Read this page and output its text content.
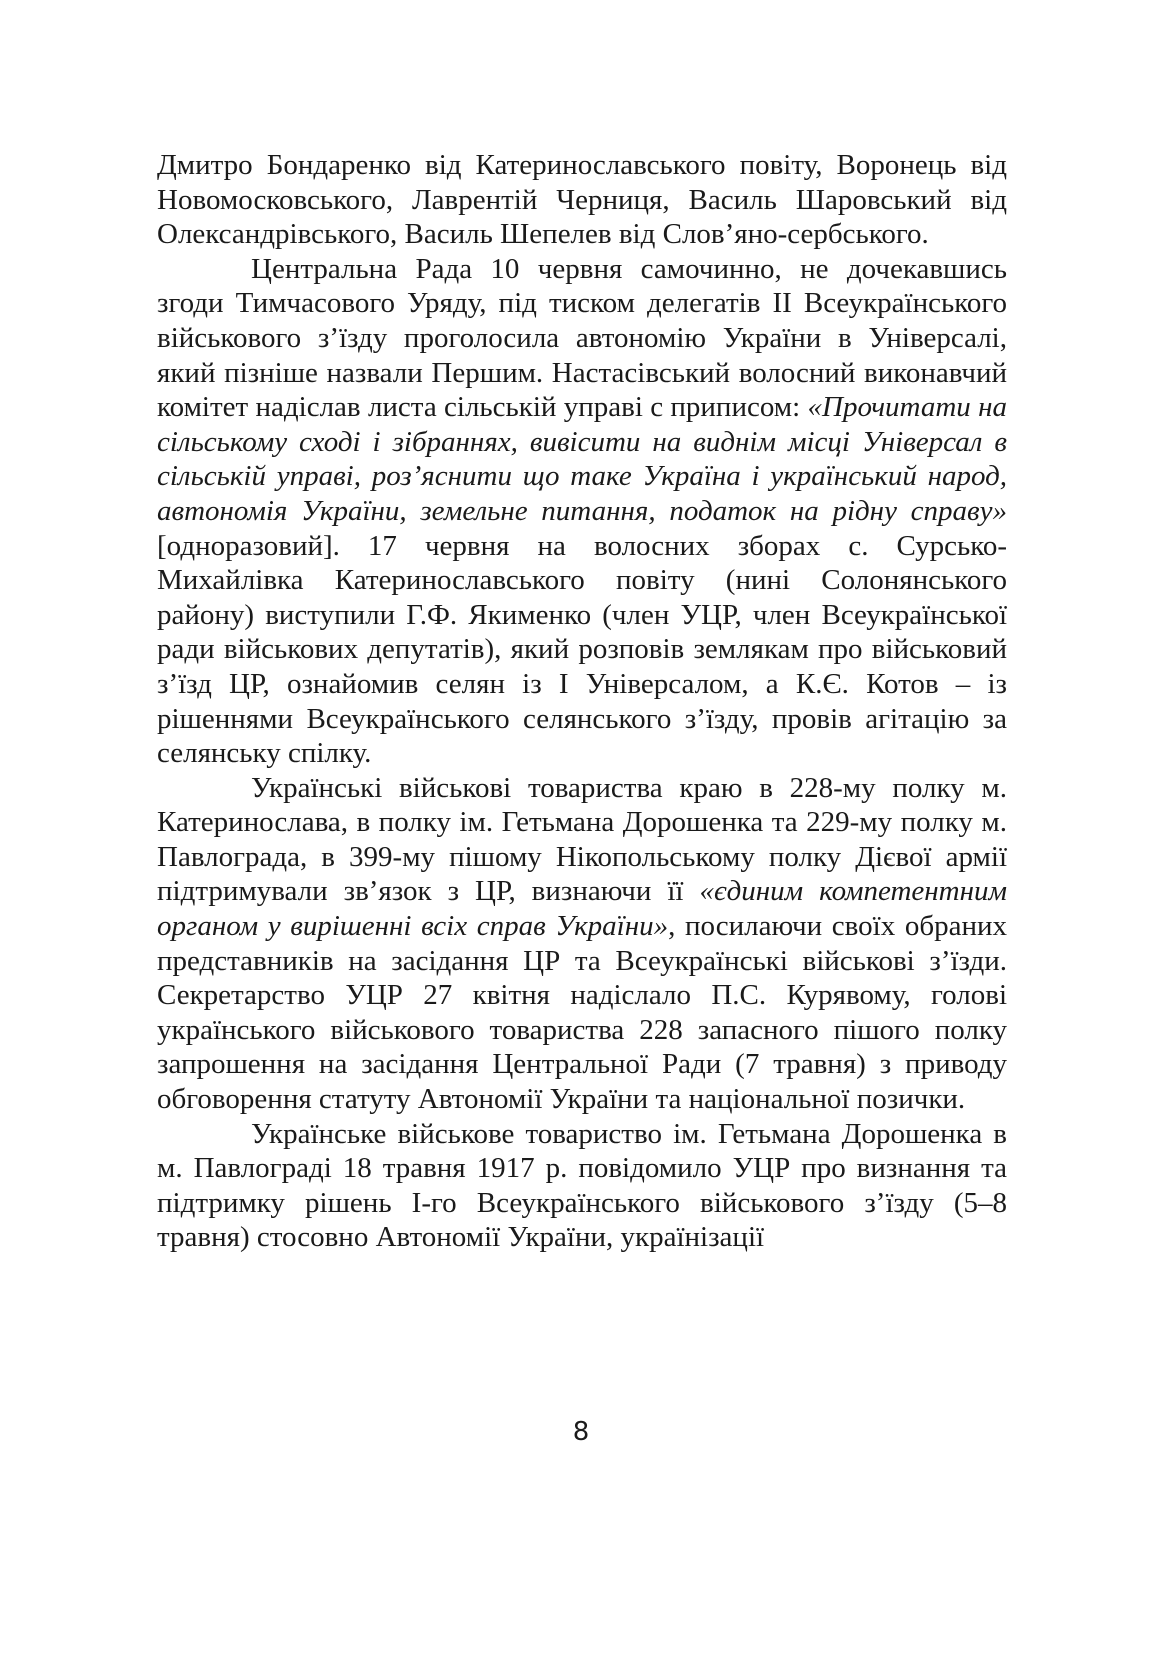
Дмитро Бондаренко від Катеринославського повіту, Воронець від Новомосковського, Лаврентій Черниця, Василь Шаровський від Олександрівського, Василь Шепелев від Слов’яно-сербського.

Центральна Рада 10 червня самочинно, не дочекавшись згоди Тимчасового Уряду, під тиском делегатів II Всеукраїнського військового з’їзду проголосила автономію України в Універсалі, який пізніше назвали Першим. Настасівський волосний виконавчий комітет надіслав листа сільській управі с приписом: «Прочитати на сільському сході і зібраннях, вивісити на виднім місці Універсал в сільській управі, роз’яснити що таке Україна і український народ, автономія України, земельне питання, податок на рідну справу» [одноразовий]. 17 червня на волосних зборах с. Сурсько-Михайлівка Катеринославського повіту (нині Солонянського району) виступили Г.Ф. Якименко (член УЦР, член Всеукраїнської ради військових депутатів), який розповів землякам про військовий з’їзд ЦР, ознайомив селян із І Універсалом, а К.Є. Котов – із рішеннями Всеукраїнського селянського з’їзду, провів агітацію за селянську спілку.

Українські військові товариства краю в 228-му полку м. Катеринослава, в полку ім. Гетьмана Дорошенка та 229-му полку м. Павлограда, в 399-му пішому Нікопольському полку Дієвої армії підтримували зв’язок з ЦР, визнаючи її «єдиним компетентним органом у вирішенні всіх справ України», посилаючи своїх обраних представників на засідання ЦР та Всеукраїнські військові з’їзди. Секретарство УЦР 27 квітня надіслало П.С. Курявому, голові українського військового товариства 228 запасного пішого полку запрошення на засідання Центральної Ради (7 травня) з приводу обговорення статуту Автономії України та національної позички.

Українське військове товариство ім. Гетьмана Дорошенка в м. Павлограді 18 травня 1917 р. повідомило УЦР про визнання та підтримку рішень І-го Всеукраїнського військового з’їзду (5–8 травня) стосовно Автономії України, українізації

8
